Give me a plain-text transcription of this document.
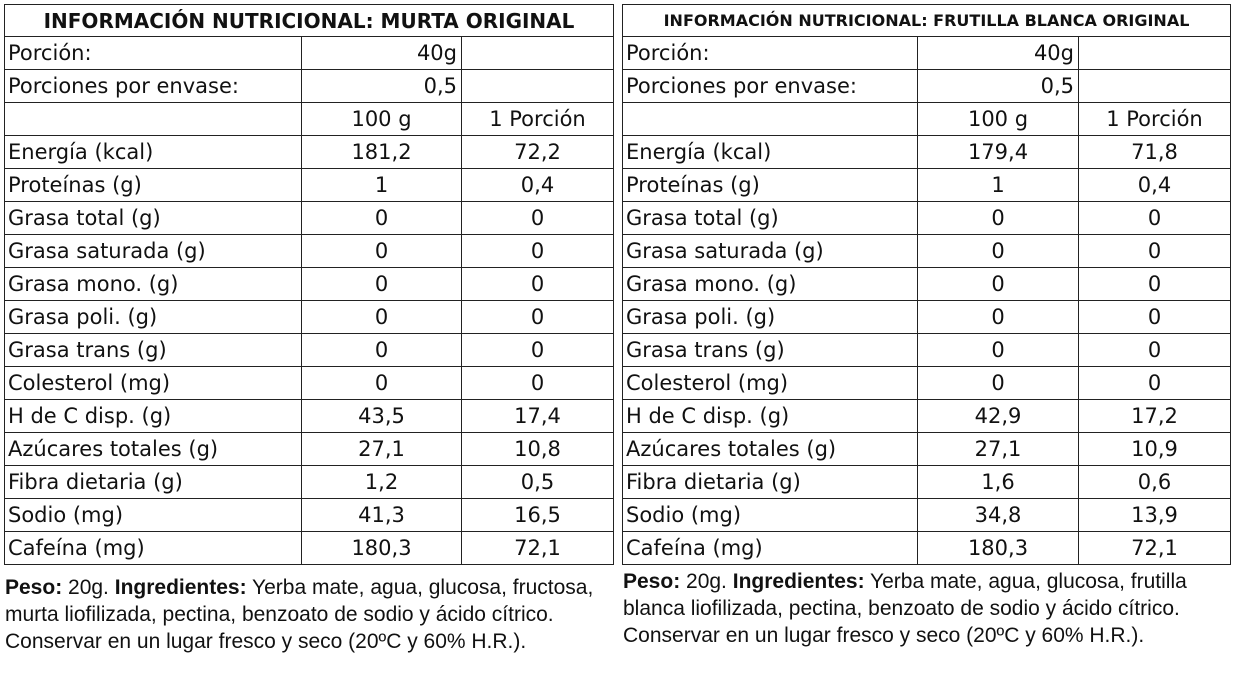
INFORMACIÓN NUTRICIONAL: MURTA ORIGINAL		
Porción:	40g	
Porciones por envase:	0,5	
	100 g	1 Porción
Energía (kcal)	181,2	72,2
Proteínas (g)	1	0,4
Grasa total (g)	0	0
Grasa saturada (g)	0	0
Grasa mono. (g)	0	0
Grasa poli. (g)	0	0
Grasa trans (g)	0	0
Colesterol (mg)	0	0
H de C disp. (g)	43,5	17,4
Azúcares totales (g)	27,1	10,8
Fibra dietaria (g)	1,2	0,5
Sodio (mg)	41,3	16,5
Cafeína (mg)	180,3	72,1
Peso: 20g. Ingredientes: Yerba mate, agua, glucosa, fructosa, murta liofilizada, pectina, benzoato de sodio y ácido cítrico. Conservar en un lugar fresco y seco (20ºC y 60% H.R.).
INFORMACIÓN NUTRICIONAL: FRUTILLA BLANCA ORIGINAL		
Porción:	40g	
Porciones por envase:	0,5	
	100 g	1 Porción
Energía (kcal)	179,4	71,8
Proteínas (g)	1	0,4
Grasa total (g)	0	0
Grasa saturada (g)	0	0
Grasa mono. (g)	0	0
Grasa poli. (g)	0	0
Grasa trans (g)	0	0
Colesterol (mg)	0	0
H de C disp. (g)	42,9	17,2
Azúcares totales (g)	27,1	10,9
Fibra dietaria (g)	1,6	0,6
Sodio (mg)	34,8	13,9
Cafeína (mg)	180,3	72,1
Peso: 20g. Ingredientes: Yerba mate, agua, glucosa, frutilla blanca liofilizada, pectina, benzoato de sodio y ácido cítrico. Conservar en un lugar fresco y seco (20ºC y 60% H.R.).
